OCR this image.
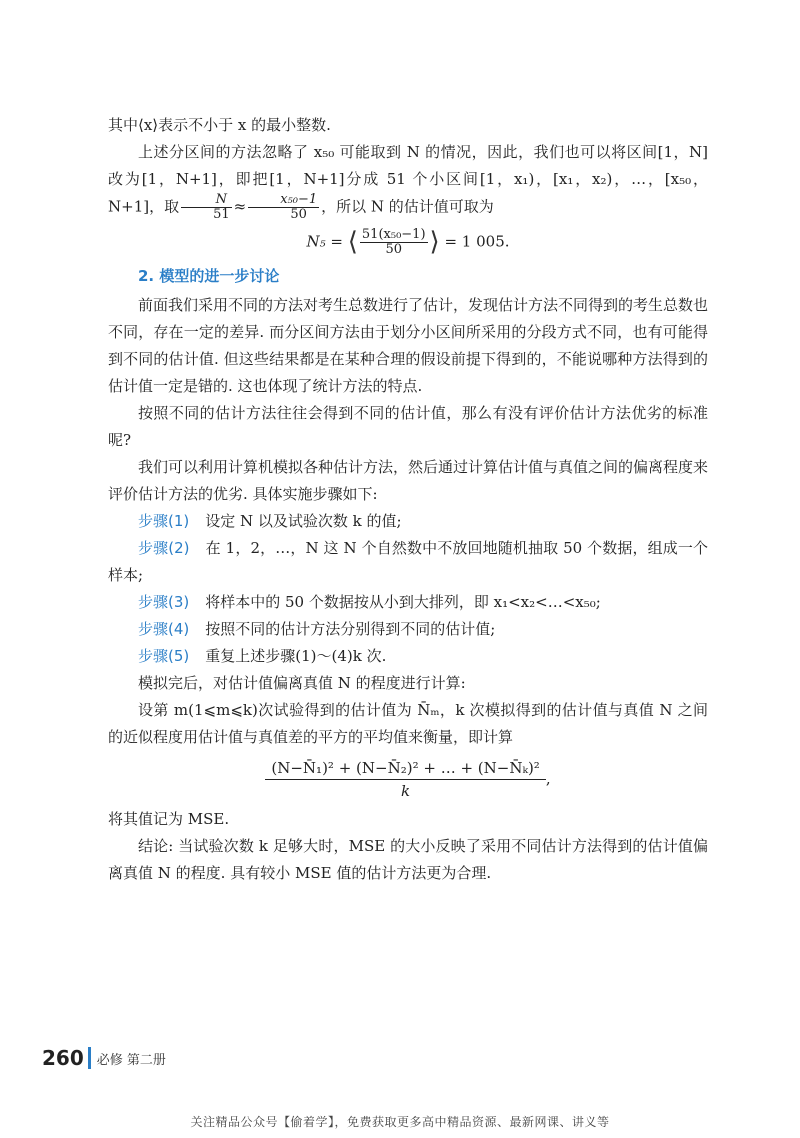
其中⟨x⟩表示不小于 x 的最小整数.

上述分区间的方法忽略了 x₅₀ 可能取到 N 的情况，因此，我们也可以将区间[1，N] 改为[1，N+1]，即把[1，N+1]分成 51 个小区间[1，x₁)，[x₁，x₂)，…，[x₅₀，N+1]，取 $\frac{N}{51} \approx \frac{\text{x₅₀−1}}{50}$ ，所以 N 的估计值可取为

N₅ = ⟨ $\frac{\text{51(x₅₀−1)}}{50}$ ⟩ = 1 005.
2. 模型的进一步讨论

前面我们采用不同的方法对考生总数进行了估计，发现估计方法不同得到的考生总数也不同，存在一定的差异. 而分区间方法由于划分小区间所采用的分段方式不同，也有可能得到不同的估计值. 但这些结果都是在某种合理的假设前提下得到的，不能说哪种方法得到的估计值一定是错的. 这也体现了统计方法的特点.

按照不同的估计方法往往会得到不同的估计值，那么有没有评价估计方法优劣的标准呢?

我们可以利用计算机模拟各种估计方法，然后通过计算估计值与真值之间的偏离程度来评价估计方法的优劣. 具体实施步骤如下:

步骤(1) 设定 N 以及试验次数 k 的值;

步骤(2) 在 1，2，…，N 这 N 个自然数中不放回地随机抽取 50 个数据，组成一个样本;

步骤(3) 将样本中的 50 个数据按从小到大排列，即 x₁<x₂<…<x₅₀;

步骤(4) 按照不同的估计方法分别得到不同的估计值;

步骤(5) 重复上述步骤(1)～(4)k 次.

模拟完后，对估计值偏离真值 N 的程度进行计算:

设第 m(1⩽m⩽k)次试验得到的估计值为 N̄ₘ，k 次模拟得到的估计值与真值 N 之间的近似程度用估计值与真值差的平方的平均值来衡量，即计算

$\frac{\text{(N−N̄₁)² + (N−N̄₂)² + … + (N−N̄ₖ)²}}{k}$ ,

将其值记为 MSE.

结论: 当试验次数 k 足够大时，MSE 的大小反映了采用不同估计方法得到的估计值偏离真值 N 的程度. 具有较小 MSE 值的估计方法更为合理.

260 必修 第二册
关注精品公众号【偷着学】，免费获取更多高中精品资源、最新网课、讲义等
